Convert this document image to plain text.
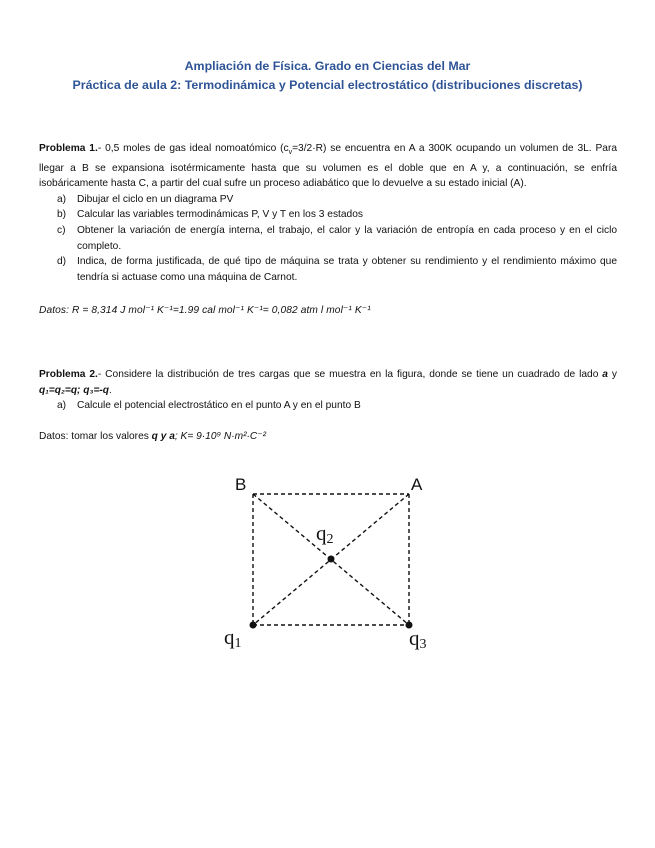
Ampliación de Física. Grado en Ciencias del Mar
Práctica de aula 2: Termodinámica y Potencial electrostático (distribuciones discretas)
Problema 1.- 0,5 moles de gas ideal nomoatómico $(c_v=3/2\cdot R)$ se encuentra en A a 300K ocupando un volumen de 3L. Para llegar a B se expansiona isotérmicamente hasta que su volumen es el doble que en A y, a continuación, se enfría isobáricamente hasta C, a partir del cual sufre un proceso adiabático que lo devuelve a su estado inicial (A).
a) Dibujar el ciclo en un diagrama PV
b) Calcular las variables termodinámicas P, V y T en los 3 estados
c) Obtener la variación de energía interna, el trabajo, el calor y la variación de entropía en cada proceso y en el ciclo completo.
d) Indica, de forma justificada, de qué tipo de máquina se trata y obtener su rendimiento y el rendimiento máximo que tendría si actuase como una máquina de Carnot.
Datos: R = 8,314 J mol⁻¹ K⁻¹=1.99 cal mol⁻¹ K⁻¹= 0,082 atm l mol⁻¹ K⁻¹
Problema 2.- Considere la distribución de tres cargas que se muestra en la figura, donde se tiene un cuadrado de lado a y q₁=q₂=q; q₃=-q.
a) Calcule el potencial electrostático en el punto A y en el punto B
Datos: tomar los valores q y a; K= 9·10⁹ N·m²·C⁻²
B	A
q2
q1	q3
